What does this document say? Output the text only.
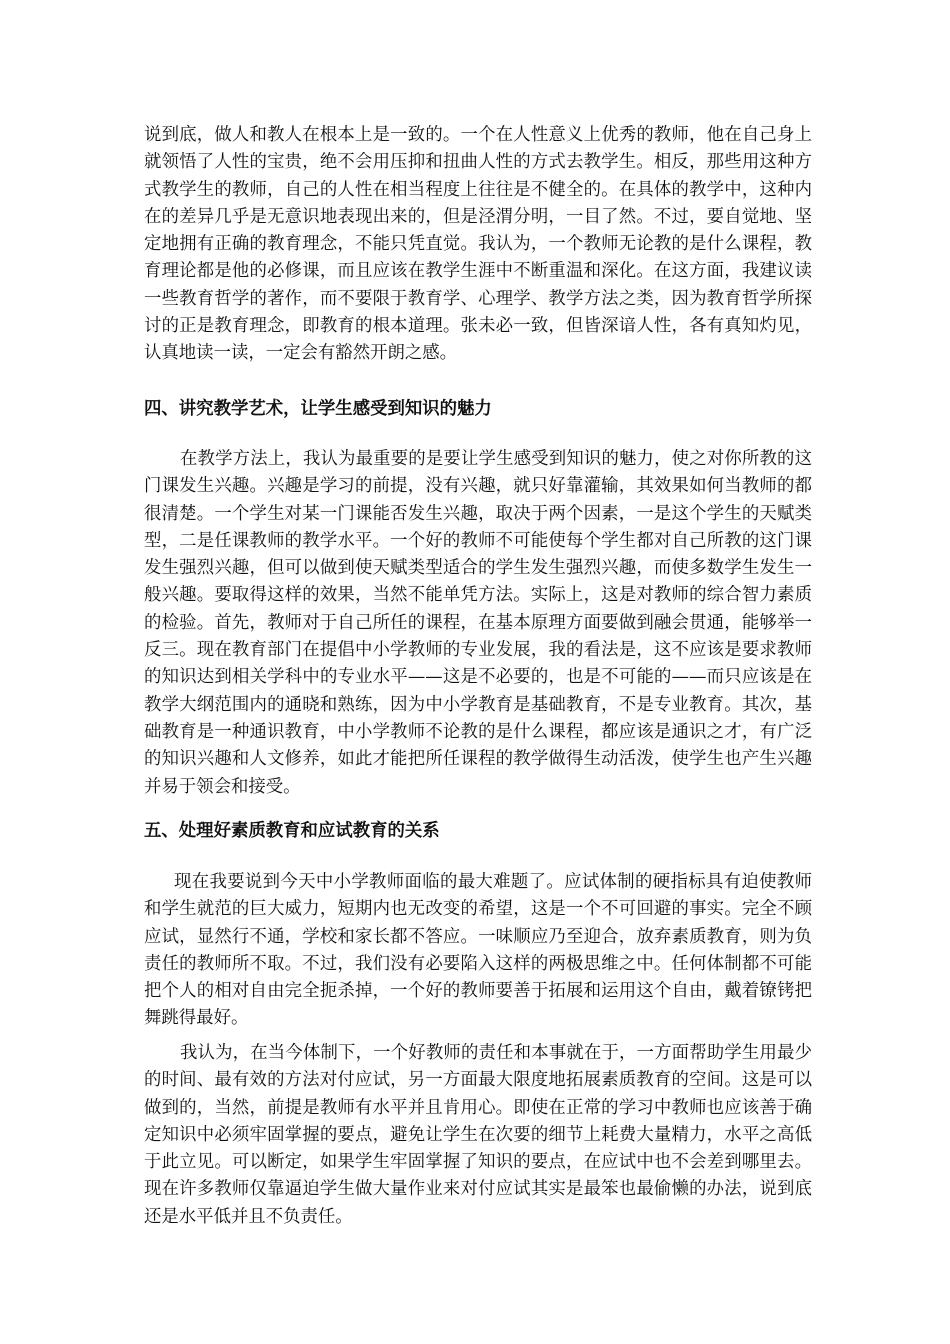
说到底，做人和教人在根本上是一致的。一个在人性意义上优秀的教师，他在自己身上就领悟了人性的宝贵，绝不会用压抑和扭曲人性的方式去教学生。相反，那些用这种方式教学生的教师，自己的人性在相当程度上往往是不健全的。在具体的教学中，这种内在的差异几乎是无意识地表现出来的，但是泾渭分明，一目了然。不过，要自觉地、坚定地拥有正确的教育理念，不能只凭直觉。我认为，一个教师无论教的是什么课程，教育理论都是他的必修课，而且应该在教学生涯中不断重温和深化。在这方面，我建议读一些教育哲学的著作，而不要限于教育学、心理学、教学方法之类，因为教育哲学所探讨的正是教育理念，即教育的根本道理。张未必一致，但皆深谙人性，各有真知灼见，认真地读一读，一定会有豁然开朗之感。

四、讲究教学艺术，让学生感受到知识的魅力

在教学方法上，我认为最重要的是要让学生感受到知识的魅力，使之对你所教的这门课发生兴趣。兴趣是学习的前提，没有兴趣，就只好靠灌输，其效果如何当教师的都很清楚。一个学生对某一门课能否发生兴趣，取决于两个因素，一是这个学生的天赋类型，二是任课教师的教学水平。一个好的教师不可能使每个学生都对自己所教的这门课发生强烈兴趣，但可以做到使天赋类型适合的学生发生强烈兴趣，而使多数学生发生一般兴趣。要取得这样的效果，当然不能单凭方法。实际上，这是对教师的综合智力素质的检验。首先，教师对于自己所任的课程，在基本原理方面要做到融会贯通，能够举一反三。现在教育部门在提倡中小学教师的专业发展，我的看法是，这不应该是要求教师的知识达到相关学科中的专业水平——这是不必要的，也是不可能的——而只应该是在教学大纲范围内的通晓和熟练，因为中小学教育是基础教育，不是专业教育。其次，基础教育是一种通识教育，中小学教师不论教的是什么课程，都应该是通识之才，有广泛的知识兴趣和人文修养，如此才能把所任课程的教学做得生动活泼，使学生也产生兴趣并易于领会和接受。

五、处理好素质教育和应试教育的关系

现在我要说到今天中小学教师面临的最大难题了。应试体制的硬指标具有迫使教师和学生就范的巨大威力，短期内也无改变的希望，这是一个不可回避的事实。完全不顾应试，显然行不通，学校和家长都不答应。一味顺应乃至迎合，放弃素质教育，则为负责任的教师所不取。不过，我们没有必要陷入这样的两极思维之中。任何体制都不可能把个人的相对自由完全扼杀掉，一个好的教师要善于拓展和运用这个自由，戴着镣铐把舞跳得最好。

我认为，在当今体制下，一个好教师的责任和本事就在于，一方面帮助学生用最少的时间、最有效的方法对付应试，另一方面最大限度地拓展素质教育的空间。这是可以做到的，当然，前提是教师有水平并且肯用心。即使在正常的学习中教师也应该善于确定知识中必须牢固掌握的要点，避免让学生在次要的细节上耗费大量精力，水平之高低于此立见。可以断定，如果学生牢固掌握了知识的要点，在应试中也不会差到哪里去。现在许多教师仅靠逼迫学生做大量作业来对付应试其实是最笨也最偷懒的办法，说到底还是水平低并且不负责任。
